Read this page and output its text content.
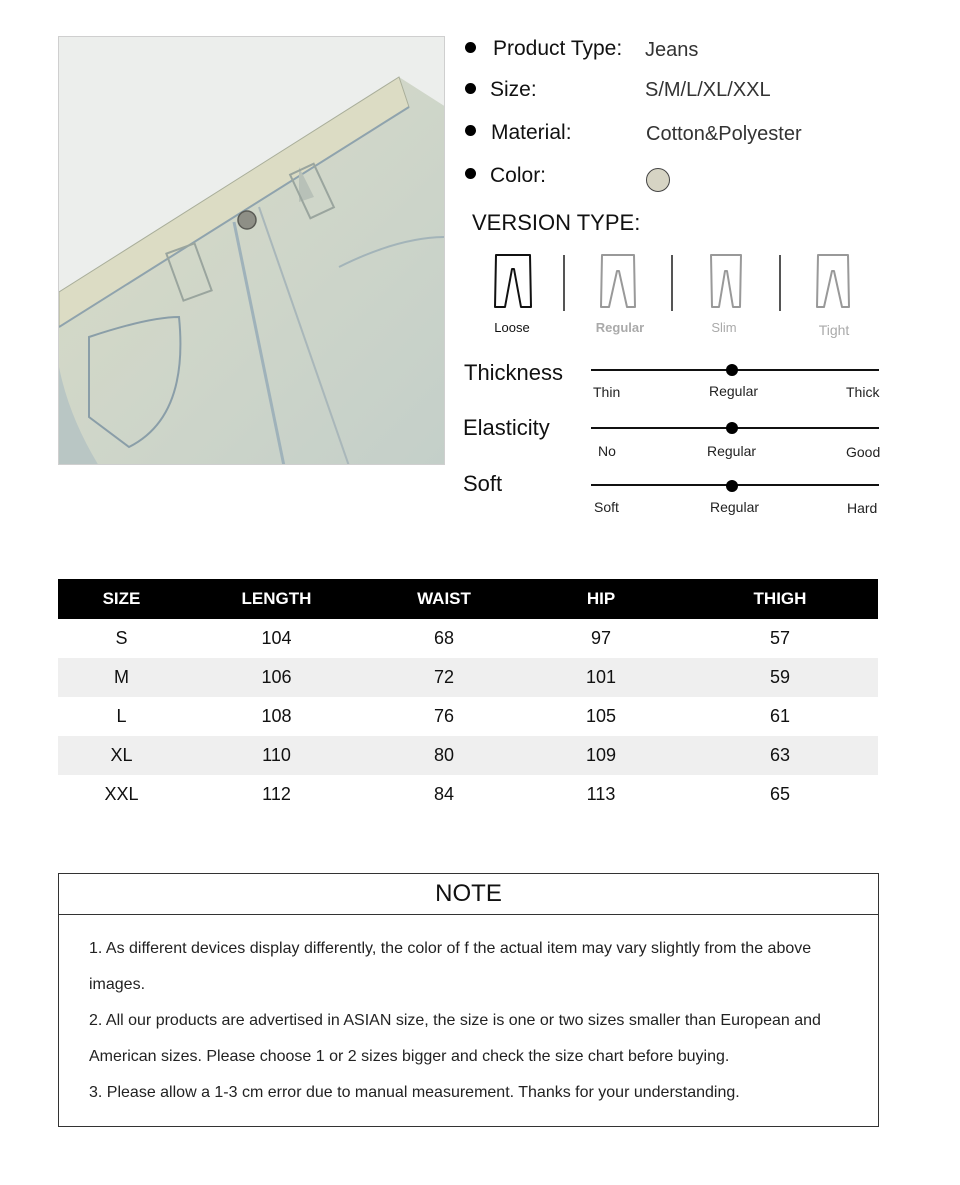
Product Type: Jeans
Size:	S/M/L/XL/XXL
Material:	Cotton&Polyester
Color:
VERSION TYPE:
Loose	Regular	Slim	Tight
Thickness
Thin	Regular	Thick
Elasticity
No	Regular	Good
Soft
Soft	Regular	Hard
SIZE	LENGTH	WAIST	HIP	THIGH
S	104	68	97	57
M	106	72	101	59
L	108	76	105	61
XL	110	80	109	63
XXL	112	84	113	65
NOTE

1. As different devices display differently, the color of f the actual item may vary slightly from the above images.

2. All our products are advertised in ASIAN size, the size is one or two sizes smaller than European and American sizes. Please choose 1 or 2 sizes bigger and check the size chart before buying.

3. Please allow a 1-3 cm error due to manual measurement. Thanks for your understanding.
